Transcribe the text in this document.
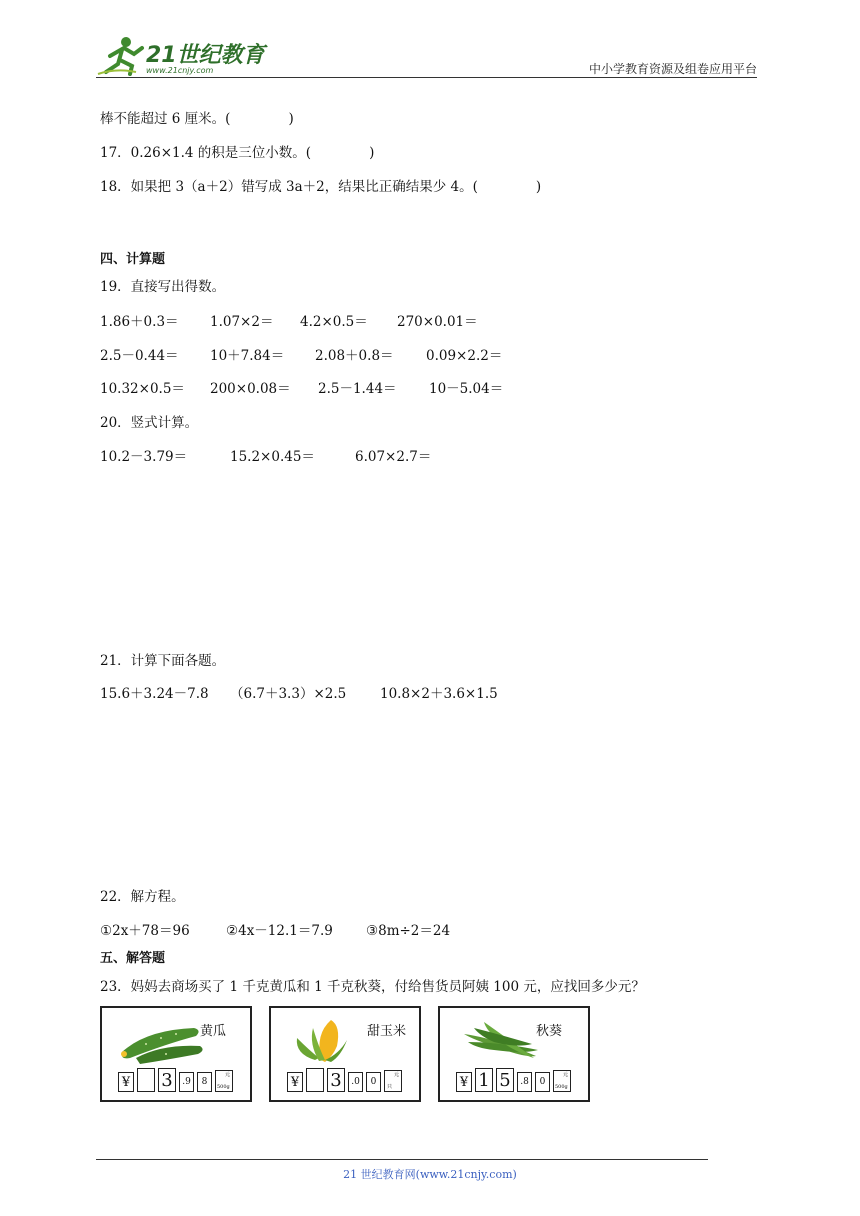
21世纪教育
www.21cnjy.com	中小学教育资源及组卷应用平台
棒不能超过 6 厘米。(	)
17．0.26×1.4 的积是三位小数。(	)
18．如果把 3（a＋2）错写成 3a＋2，结果比正确结果少 4。(	)
四、计算题
19．直接写出得数。
1.86＋0.3＝ 1.07×2＝ 4.2×0.5＝ 270×0.01＝
2.5－0.44＝ 10＋7.84＝ 2.08＋0.8＝ 0.09×2.2＝
10.32×0.5＝ 200×0.08＝ 2.5－1.44＝ 10－5.04＝
20．竖式计算。
10.2－3.79＝	15.2×0.45＝	6.07×2.7＝
21．计算下面各题。
15.6＋3.24－7.8 （6.7＋3.3）×2.5	10.8×2＋3.6×1.5
22．解方程。
①2x＋78＝96	②4x－12.1＝7.9 ③8m÷2＝24
五、解答题
23．妈妈去商场买了 1 千克黄瓜和 1 千克秋葵，付给售货员阿姨 100 元，应找回多少元？
黄瓜
¥ 3	.9	8
元
500g
甜玉米
¥ 3	.0	0
元
只
秋葵
¥ 1 5	.8	0
元
500g
21 世纪教育网(www.21cnjy.com)
